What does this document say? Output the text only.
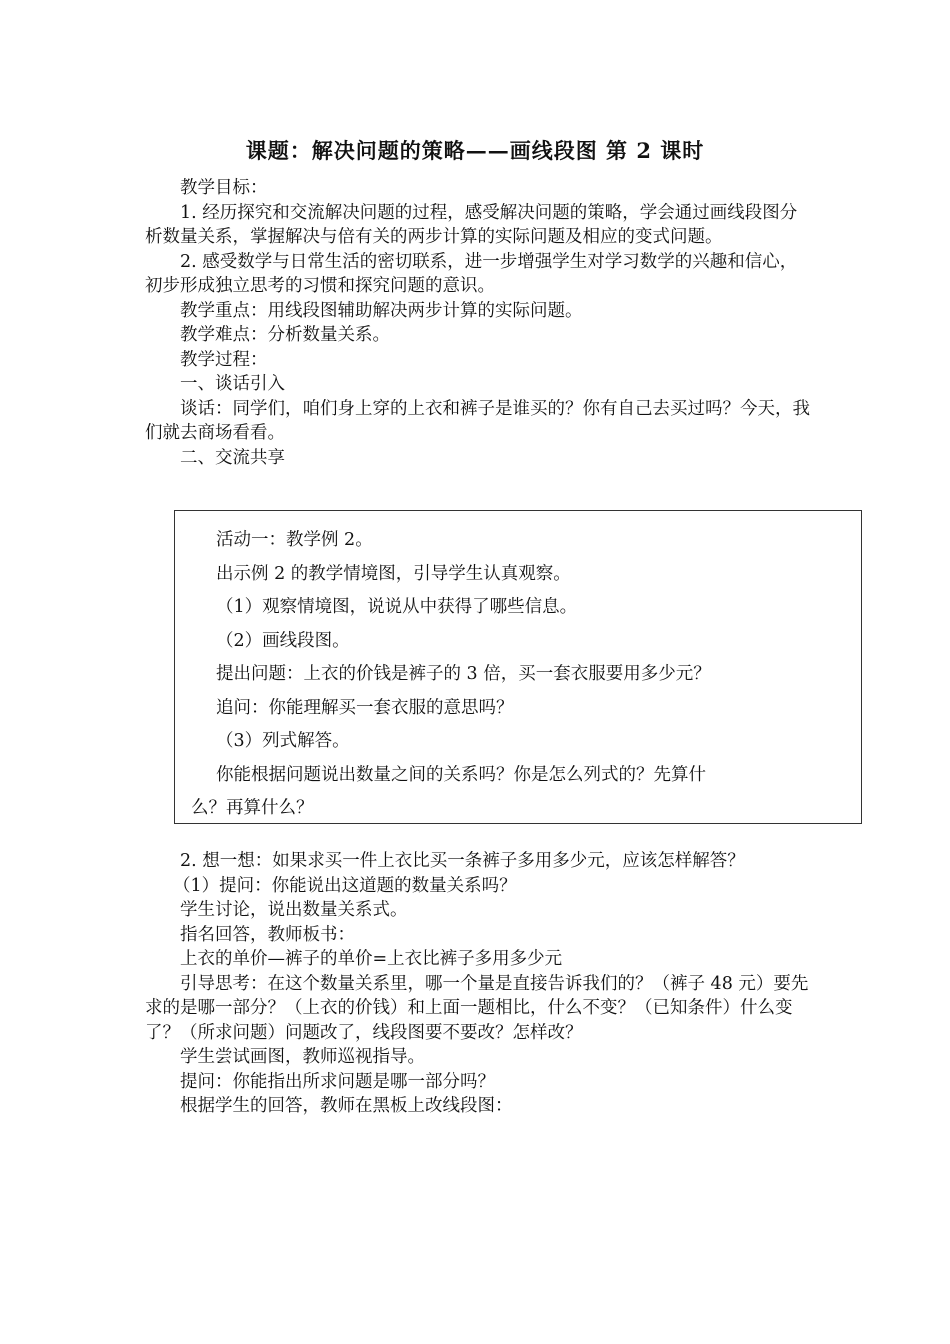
课题：解决问题的策略——画线段图 第 2 课时

教学目标：

1. 经历探究和交流解决问题的过程，感受解决问题的策略，学会通过画线段图分析数量关系，掌握解决与倍有关的两步计算的实际问题及相应的变式问题。

2. 感受数学与日常生活的密切联系，进一步增强学生对学习数学的兴趣和信心，初步形成独立思考的习惯和探究问题的意识。

教学重点：用线段图辅助解决两步计算的实际问题。

教学难点：分析数量关系。

教学过程：

一、谈话引入

谈话：同学们，咱们身上穿的上衣和裤子是谁买的？你有自己去买过吗？今天，我们就去商场看看。

二、交流共享

活动一：教学例 2。

出示例 2 的教学情境图，引导学生认真观察。

（1）观察情境图，说说从中获得了哪些信息。

（2）画线段图。

提出问题：上衣的价钱是裤子的 3 倍，买一套衣服要用多少元？

追问：你能理解买一套衣服的意思吗？

（3）列式解答。

你能根据问题说出数量之间的关系吗？你是怎么列式的？先算什

么？再算什么？

2. 想一想：如果求买一件上衣比买一条裤子多用多少元，应该怎样解答？

（1）提问：你能说出这道题的数量关系吗？

学生讨论，说出数量关系式。

指名回答，教师板书：

上衣的单价—裤子的单价=上衣比裤子多用多少元

引导思考：在这个数量关系里，哪一个量是直接告诉我们的？（裤子 48 元）要先求的是哪一部分？（上衣的价钱）和上面一题相比，什么不变？（已知条件）什么变了？（所求问题）问题改了，线段图要不要改？怎样改？

学生尝试画图，教师巡视指导。

提问：你能指出所求问题是哪一部分吗？

根据学生的回答，教师在黑板上改线段图：
